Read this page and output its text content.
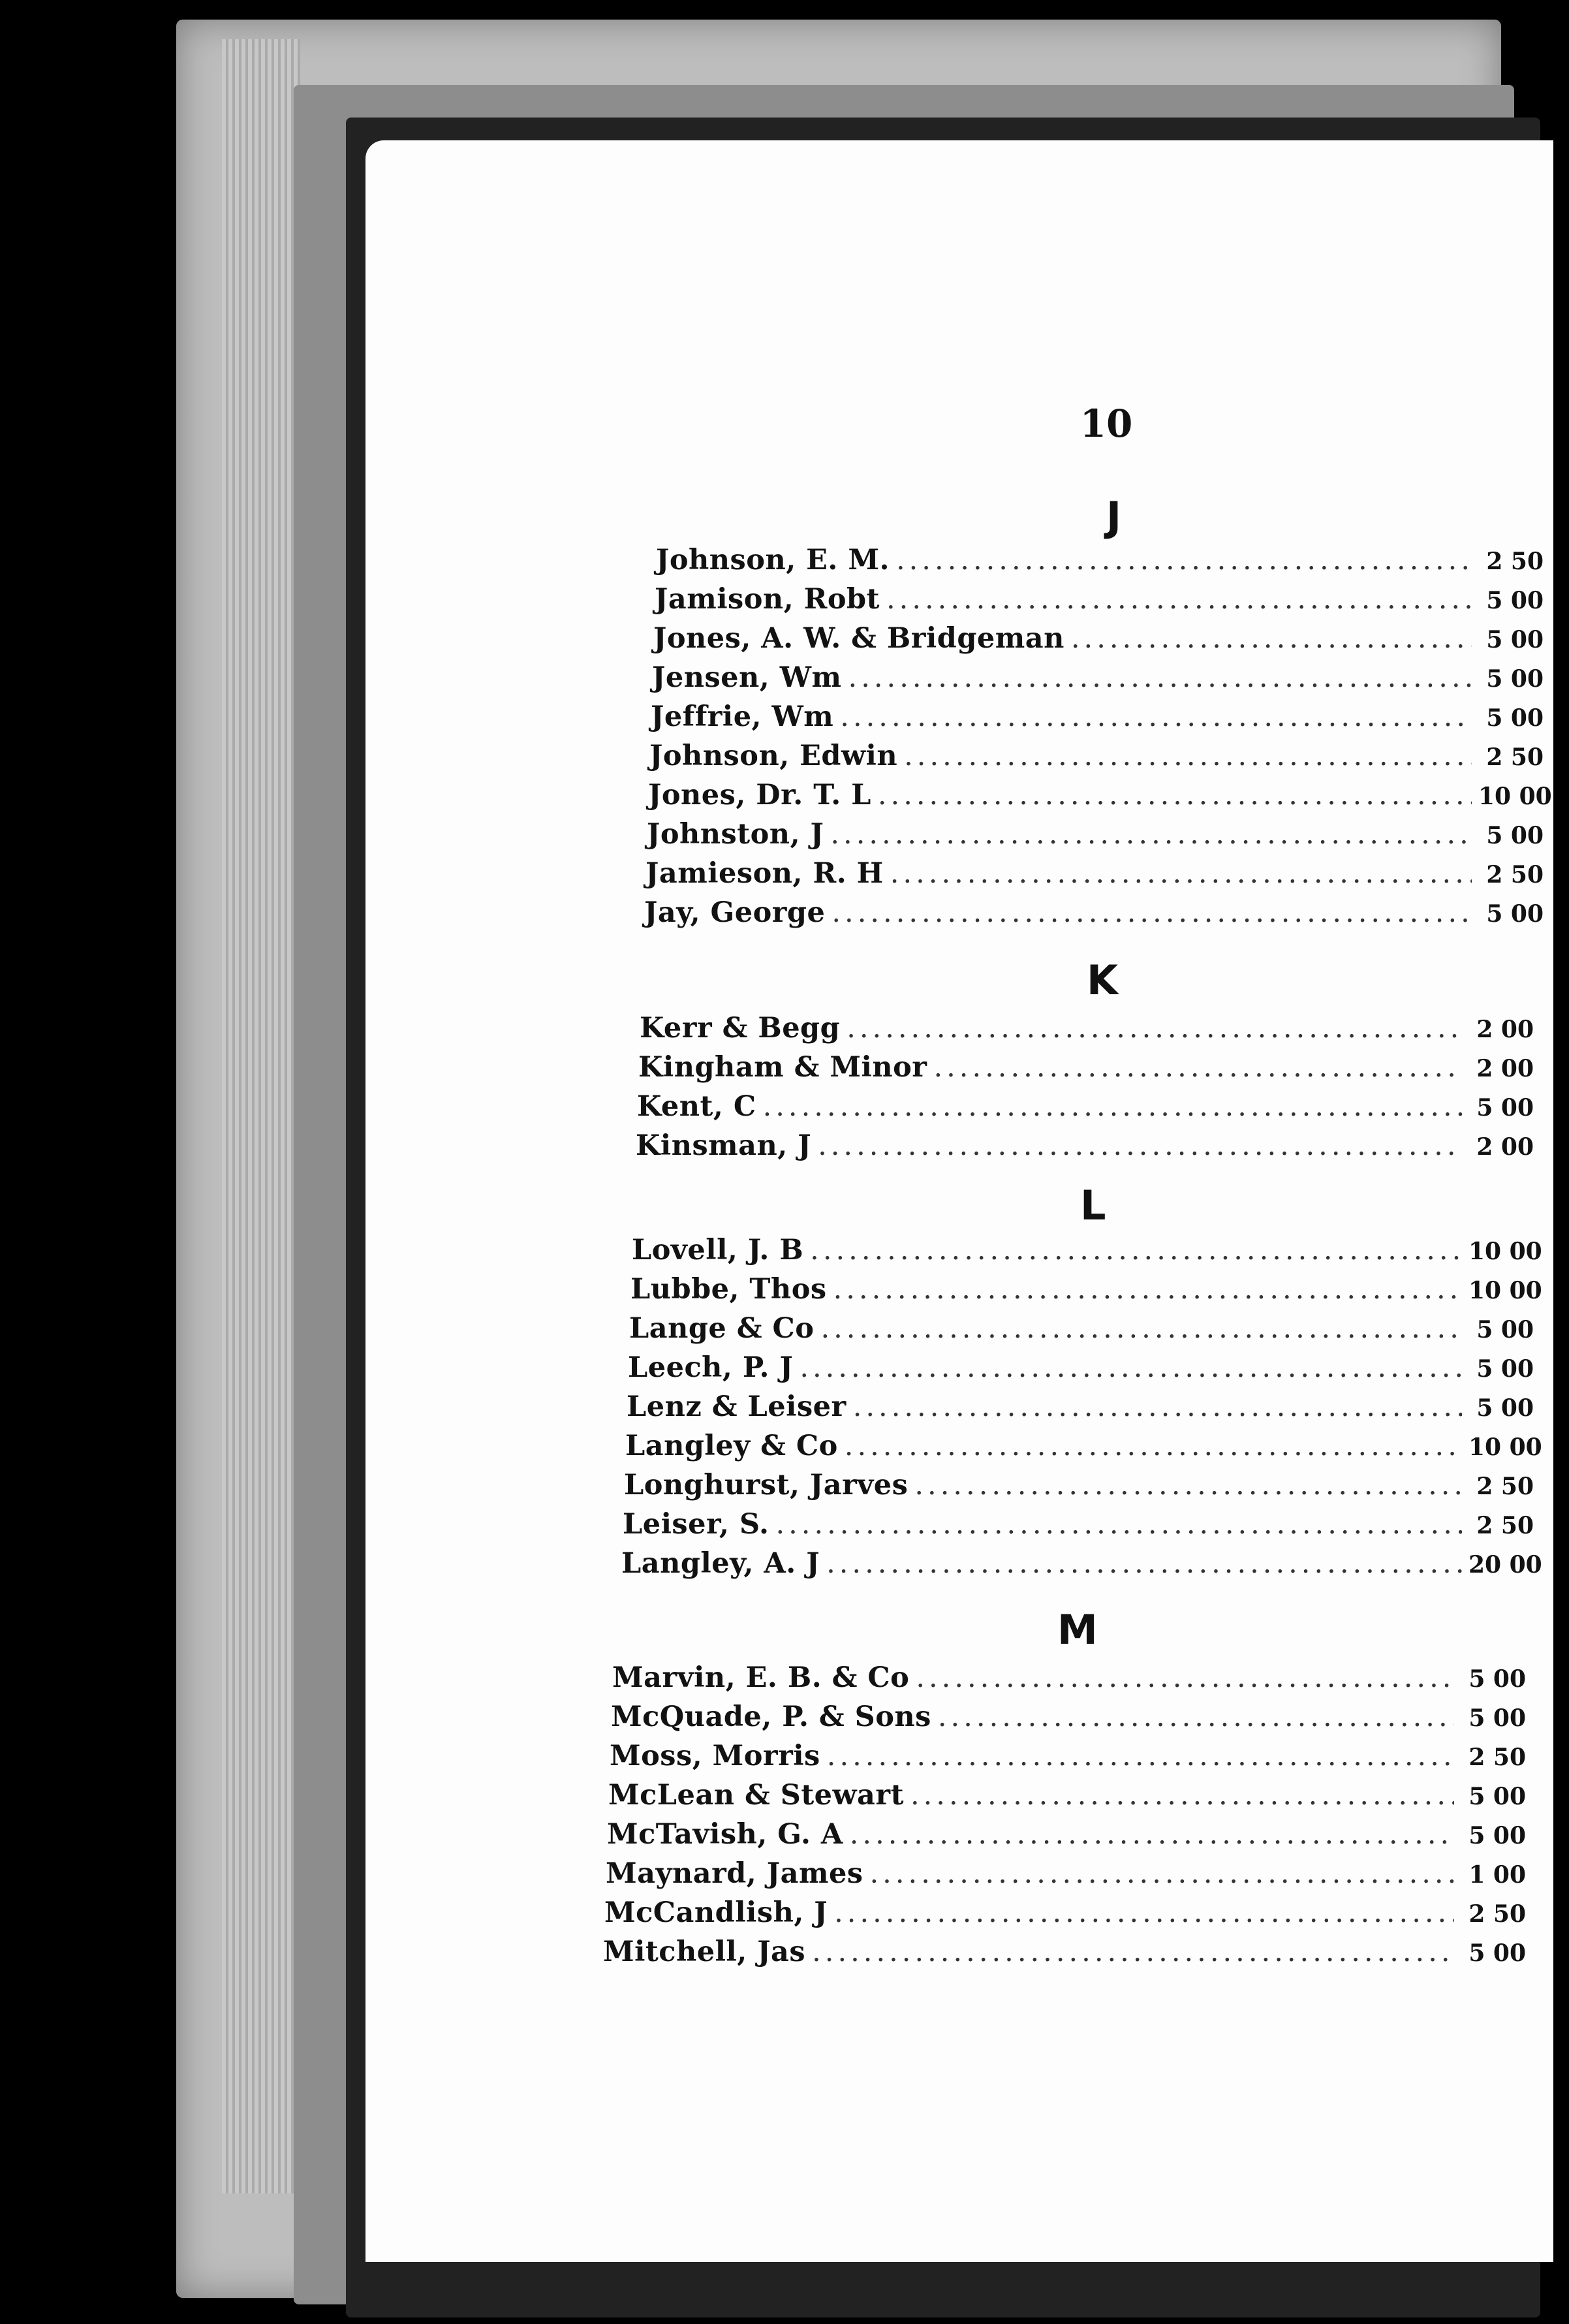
10
J
Johnson, E. M. .....	2 50
Jamison, Robt .....	5 00
Jones, A. W. & Bridgeman .....	5 00
Jensen, Wm .....	5 00
Jeffrie, Wm .....	5 00
Johnson, Edwin .....	2 50
Jones, Dr. T. L .....	10 00
Johnston, J .....	5 00
Jamieson, R. H .....	2 50
Jay, George .....	5 00
K
Kerr & Begg .....	2 00
Kingham & Minor .....	2 00
Kent, C .....	5 00
Kinsman, J .....	2 00
L
Lovell, J. B .....	10 00
Lubbe, Thos .....	10 00
Lange & Co .....	5 00
Leech, P. J .....	5 00
Lenz & Leiser .....	5 00
Langley & Co .....	10 00
Longhurst, Jarves .....	2 50
Leiser, S. .....	2 50
Langley, A. J .....	20 00
M
Marvin, E. B. & Co .....	5 00
McQuade, P. & Sons .....	5 00
Moss, Morris .....	2 50
McLean & Stewart .....	5 00
McTavish, G. A .....	5 00
Maynard, James .....	1 00
McCandlish, J .....	2 50
Mitchell, Jas .....	5 00
